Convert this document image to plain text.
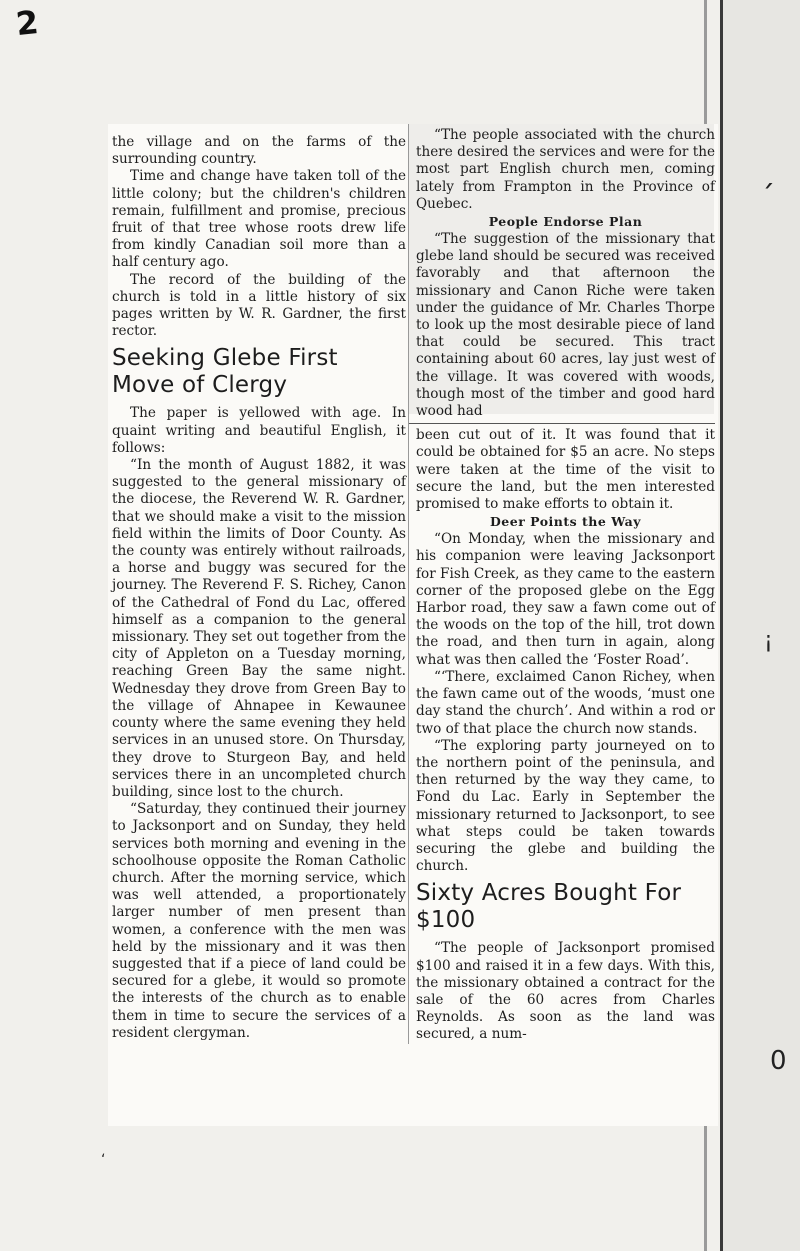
2
´
¡
0
‘

the village and on the farms of the surrounding country.

Time and change have taken toll of the little colony; but the children's children remain, fulfillment and promise, precious fruit of that tree whose roots drew life from kindly Canadian soil more than a half century ago.

The record of the building of the church is told in a little history of six pages written by W. R. Gardner, the first rector.

Seeking Glebe First Move of Clergy

The paper is yellowed with age. In quaint writing and beautiful English, it follows:

“In the month of August 1882, it was suggested to the general missionary of the diocese, the Reverend W. R. Gardner, that we should make a visit to the mission field within the limits of Door County. As the county was entirely without railroads, a horse and buggy was secured for the journey. The Reverend F. S. Richey, Canon of the Cathedral of Fond du Lac, offered himself as a companion to the general missionary. They set out together from the city of Appleton on a Tuesday morning, reaching Green Bay the same night. Wednesday they drove from Green Bay to the village of Ahnapee in Kewaunee county where the same evening they held services in an unused store. On Thursday, they drove to Sturgeon Bay, and held services there in an uncompleted church building, since lost to the church.

“Saturday, they continued their journey to Jacksonport and on Sunday, they held services both morning and evening in the schoolhouse opposite the Roman Catholic church. After the morning service, which was well attended, a proportionately larger number of men present than women, a conference with the men was held by the missionary and it was then suggested that if a piece of land could be secured for a glebe, it would so promote the interests of the church as to enable them in time to secure the services of a resident clergyman.

“The people associated with the church there desired the services and were for the most part English church men, coming lately from Frampton in the Province of Quebec.

People Endorse Plan

“The suggestion of the missionary that glebe land should be secured was received favorably and that afternoon the missionary and Canon Riche were taken under the guidance of Mr. Charles Thorpe to look up the most desirable piece of land that could be secured. This tract containing about 60 acres, lay just west of the village. It was covered with woods, though most of the timber and good hard wood had

been cut out of it. It was found that it could be obtained for $5 an acre. No steps were taken at the time of the visit to secure the land, but the men interested promised to make efforts to obtain it.

Deer Points the Way

“On Monday, when the missionary and his companion were leaving Jacksonport for Fish Creek, as they came to the eastern corner of the proposed glebe on the Egg Harbor road, they saw a fawn come out of the woods on the top of the hill, trot down the road, and then turn in again, along what was then called the ‘Foster Road’.

“‘There, exclaimed Canon Richey, when the fawn came out of the woods, ‘must one day stand the church’. And within a rod or two of that place the church now stands.

“The exploring party journeyed on to the northern point of the peninsula, and then returned by the way they came, to Fond du Lac. Early in September the missionary returned to Jacksonport, to see what steps could be taken towards securing the glebe and building the church.

Sixty Acres Bought For $100

“The people of Jacksonport promised $100 and raised it in a few days. With this, the missionary obtained a contract for the sale of the 60 acres from Charles Reynolds. As soon as the land was secured, a num-
